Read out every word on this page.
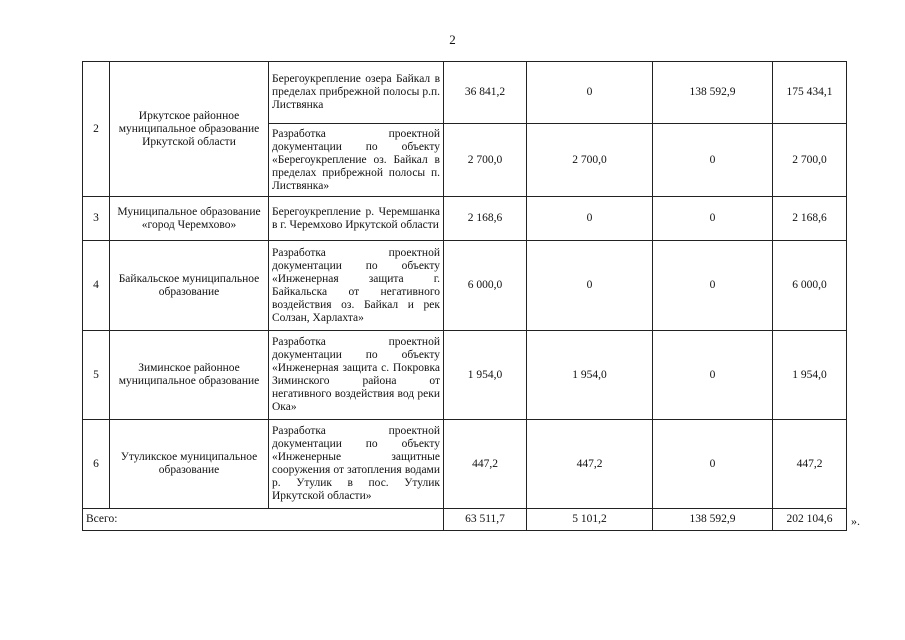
2
2	Иркутское районное муниципальное образование Иркутской области	Берегоукрепление озера Байкал в пределах прибрежной полосы р.п. Листвянка	36 841,2	0	138 592,9	175 434,1
		Разработка проектной документации по объекту «Берегоукрепление оз. Байкал в пределах прибрежной полосы п. Листвянка»	2 700,0	2 700,0	0	2 700,0
3	Муниципальное образование «город Черемхово»	Берегоукрепление р. Черемшанка в г. Черемхово Иркутской области	2 168,6	0	0	2 168,6
4	Байкальское муниципальное образование	Разработка проектной документации по объекту «Инженерная защита г. Байкальска от негативного воздействия оз. Байкал и рек Солзан, Харлахта»	6 000,0	0	0	6 000,0
5	Зиминское районное муниципальное образование	Разработка проектной документации по объекту «Инженерная защита с. Покровка Зиминского района от негативного воздействия вод реки Ока»	1 954,0	1 954,0	0	1 954,0
6	Утуликское муниципальное образование	Разработка проектной документации по объекту «Инженерные защитные сооружения от затопления водами р. Утулик в пос. Утулик Иркутской области»	447,2	447,2	0	447,2
Всего:			63 511,7	5 101,2	138 592,9	202 104,6 ».
